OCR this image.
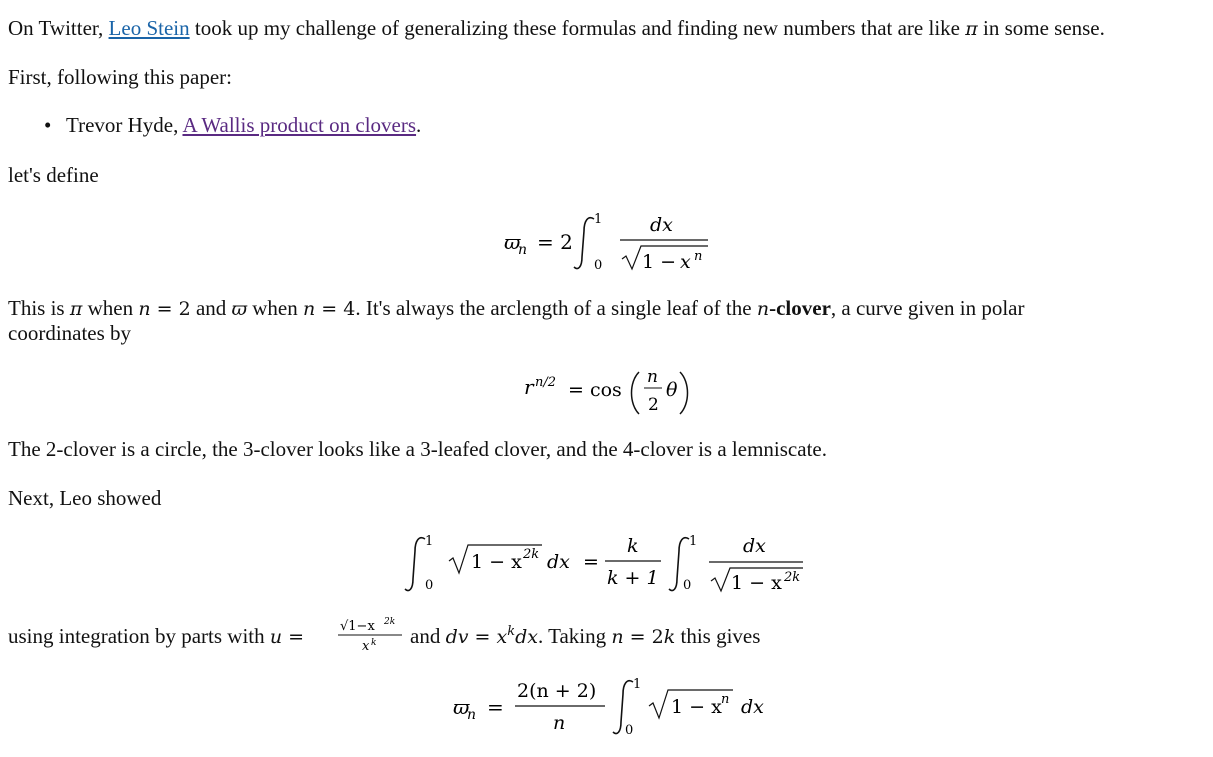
On Twitter, Leo Stein took up my challenge of generalizing these formulas and finding new numbers that are like π in some sense.

First, following this paper:

• Trevor Hyde, A Wallis product on clovers.

let's define

ϖ
n = 2
1
0
dx
1 − x n

This is π when n = 2 and ϖ when n = 4. It's always the arclength of a single leaf of the n-clover, a curve given in polar
coordinates by

r n/2 = cos
n
2
θ

The 2-clover is a circle, the 3-clover looks like a 3-leafed clover, and the 4-clover is a lemniscate.

Next, Leo showed

1
0
1 − x 2k dx =
k
k + 1
1
0
dx
1 − x 2k
using integration by parts with u =	√1−x 2k
x k and dv = $x^kdx$. Taking n = 2k this gives
ϖ
n =
2(n + 2)
n
1
0
1 − x n dx
